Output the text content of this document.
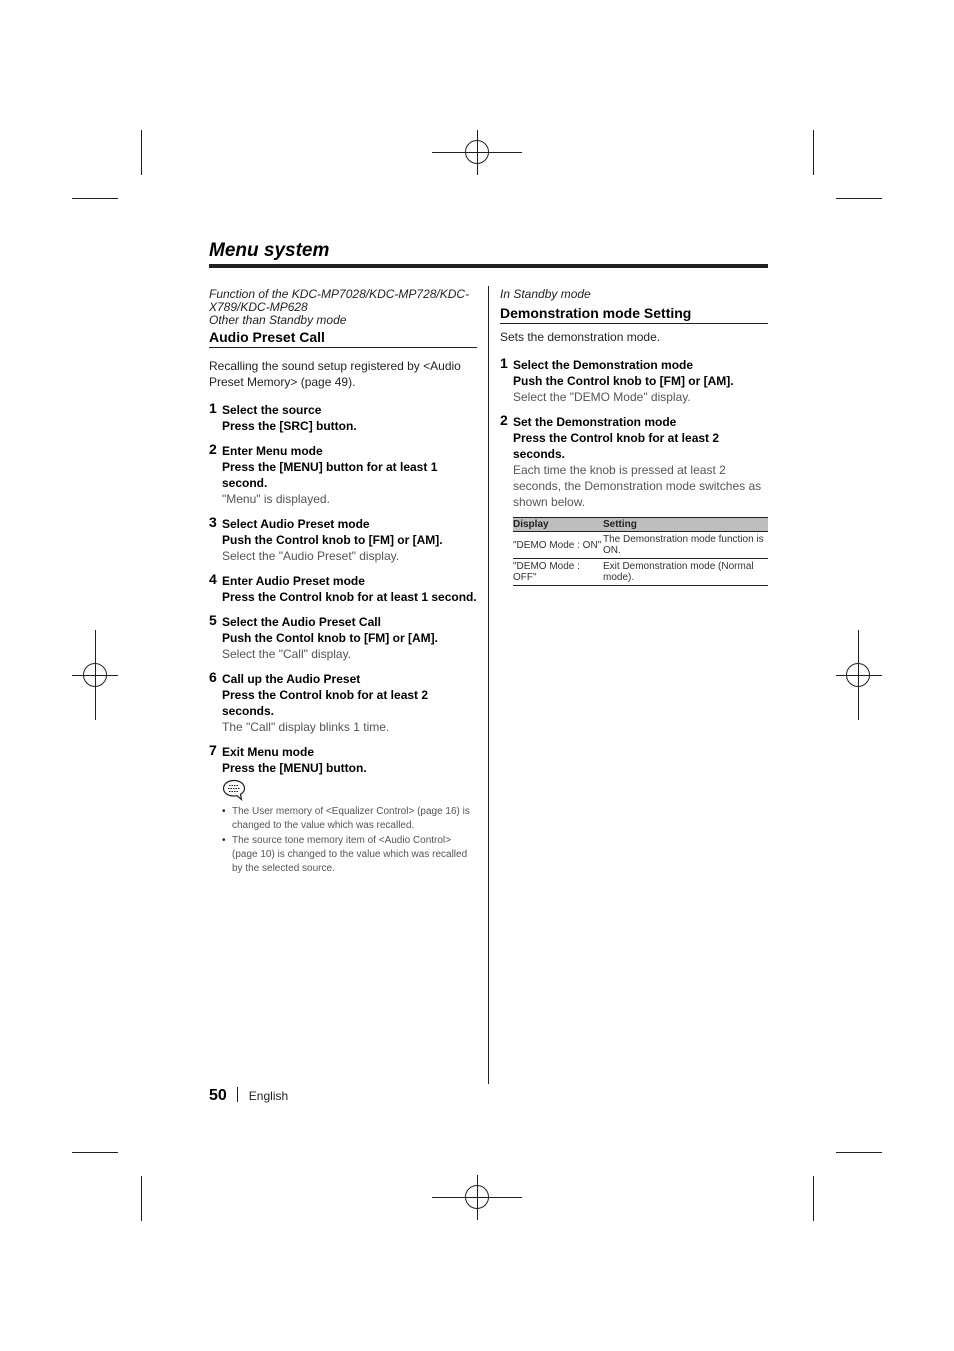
Menu system

Function of the KDC-MP7028/KDC-MP728/KDC-X789/KDC-MP628

Other than Standby mode

Audio Preset Call

Recalling the sound setup registered by <Audio Preset Memory> (page 49).

1 Select the source
Press the [SRC] button.
2 Enter Menu mode
Press the [MENU] button for at least 1 second.
"Menu" is displayed.
3 Select Audio Preset mode
Push the Control knob to [FM] or [AM].
Select the "Audio Preset" display.
4 Enter Audio Preset mode
Press the Control knob for at least 1 second.
5 Select the Audio Preset Call
Push the Contol knob to [FM] or [AM].
Select the "Call" display.
6 Call up the Audio Preset
Press the Control knob for at least 2 seconds.
The "Call" display blinks 1 time.
7 Exit Menu mode
Press the [MENU] button.
• The User memory of <Equalizer Control> (page 16) is changed to the value which was recalled.
• The source tone memory item of <Audio Control> (page 10) is changed to the value which was recalled by the selected source.

In Standby mode

Demonstration mode Setting

Sets the demonstration mode.

1 Select the Demonstration mode
Push the Control knob to [FM] or [AM].
Select the "DEMO Mode" display.
2 Set the Demonstration mode
Press the Control knob for at least 2 seconds.
Each time the knob is pressed at least 2 seconds, the Demonstration mode switches as shown below.
Display	Setting
"DEMO Mode : ON"	The Demonstration mode function is ON.
"DEMO Mode : OFF"	Exit Demonstration mode (Normal mode).
50 English
